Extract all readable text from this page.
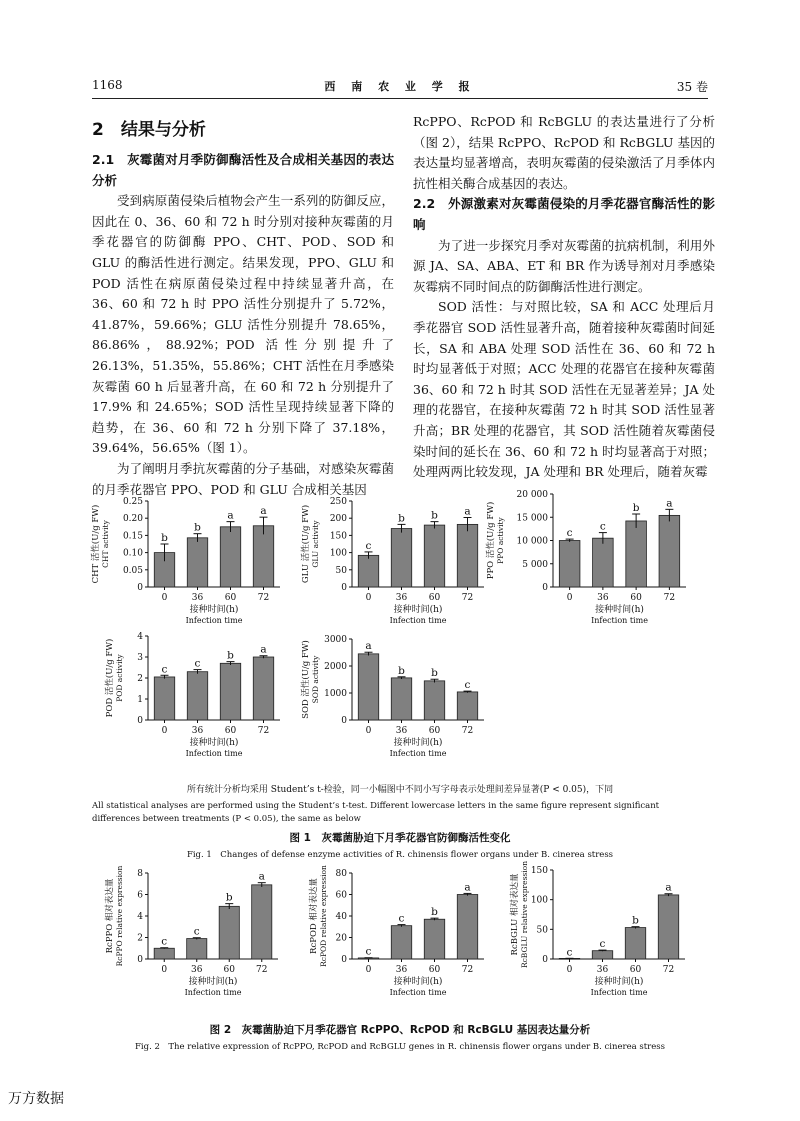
1168	西 南 农 业 学 报	35 卷
2　结果与分析
2.1　灰霉菌对月季防御酶活性及合成相关基因的表达分析

受到病原菌侵染后植物会产生一系列的防御反应，因此在 0、36、60 和 72 h 时分别对接种灰霉菌的月季花器官的防御酶 PPO、CHT、POD、SOD 和 GLU 的酶活性进行测定。结果发现，PPO、GLU 和 POD 活性在病原菌侵染过程中持续显著升高，在 36、60 和 72 h 时 PPO 活性分别提升了 5.72%，41.87%，59.66%；GLU 活性分别提升 78.65%，86.86%，88.92%；POD 活性分别提升了 26.13%，51.35%，55.86%；CHT 活性在月季感染灰霉菌 60 h 后显著升高，在 60 和 72 h 分别提升了 17.9% 和 24.65%；SOD 活性呈现持续显著下降的趋势，在 36、60 和 72 h 分别下降了 37.18%，39.64%，56.65%（图 1）。

为了阐明月季抗灰霉菌的分子基础，对感染灰霉菌的月季花器官 PPO、POD 和 GLU 合成相关基因

RcPPO、RcPOD 和 RcBGLU 的表达量进行了分析（图 2），结果 RcPPO、RcPOD 和 RcBGLU 基因的表达量均显著增高，表明灰霉菌的侵染激活了月季体内抗性相关酶合成基因的表达。

2.2　外源激素对灰霉菌侵染的月季花器官酶活性的影响

为了进一步探究月季对灰霉菌的抗病机制，利用外源 JA、SA、ABA、ET 和 BR 作为诱导剂对月季感染灰霉病不同时间点的防御酶活性进行测定。

SOD 活性：与对照比较，SA 和 ACC 处理后月季花器官 SOD 活性显著升高，随着接种灰霉菌时间延长，SA 和 ABA 处理 SOD 活性在 36、60 和 72 h 时均显著低于对照；ACC 处理的花器官在接种灰霉菌 36、60 和 72 h 时其 SOD 活性在无显著差异；JA 处理的花器官，在接种灰霉菌 72 h 时其 SOD 活性显著升高；BR 处理的花器官，其 SOD 活性随着灰霉菌侵染时间的延长在 36、60 和 72 h 时均显著高于对照；处理两两比较发现，JA 处理和 BR 处理后，随着灰霉

0
0.05
0.10
0.15
0.20
0.25
b
0
b
36
a
60
a
72
接种时间(h)
Infection time
CHT 活性(U/g FW) CHT activity
0
50
100
150
200
250
c
0
b
36
b
60
a
72
接种时间(h)
Infection time
GLU 活性(U/g FW) GLU activity
0
5 000
10 000
15 000
20 000
c
0
c
36
b
60
a
72
接种时间(h)
Infection time
PPO 活性(U/g FW) PPO activity
0
1
2
3
4
c
0
c
36
b
60
a
72
接种时间(h)
Infection time
POD 活性(U/g FW) POD activity
0
1000
2000
3000
a
0
b
36
b
60
c
72
接种时间(h)
Infection time
SOD 活性(U/g FW) SOD activity
0
2
4
6
8
c
0
c
36
b
60
a
72
接种时间(h)
Infection time
RcPPO 相对表达量 RcPPO relative expression	0
20
40
60
80
c
0
c
36
b
60
a
72
接种时间(h)
Infection time
RcPOD 相对表达量 RcPOD relative expression	0
50
100
150
c
0
c
36
b
60
a
72
接种时间(h)
Infection time
RcBGLU 相对表达量 RcBGLU relative expression
所有统计分析均采用 Student’s t-检验，同一小幅图中不同小写字母表示处理间差异显著(P < 0.05)，下同
All statistical analyses are performed using the Student’s t-test. Different lowercase letters in the same figure represent significant differences between treatments (P < 0.05), the same as below
图 1　灰霉菌胁迫下月季花器官防御酶活性变化
Fig. 1　Changes of defense enzyme activities of R. chinensis flower organs under B. cinerea stress
图 2　灰霉菌胁迫下月季花器官 RcPPO、RcPOD 和 RcBGLU 基因表达量分析
Fig. 2　The relative expression of RcPPO, RcPOD and RcBGLU genes in R. chinensis flower organs under B. cinerea stress
万方数据
